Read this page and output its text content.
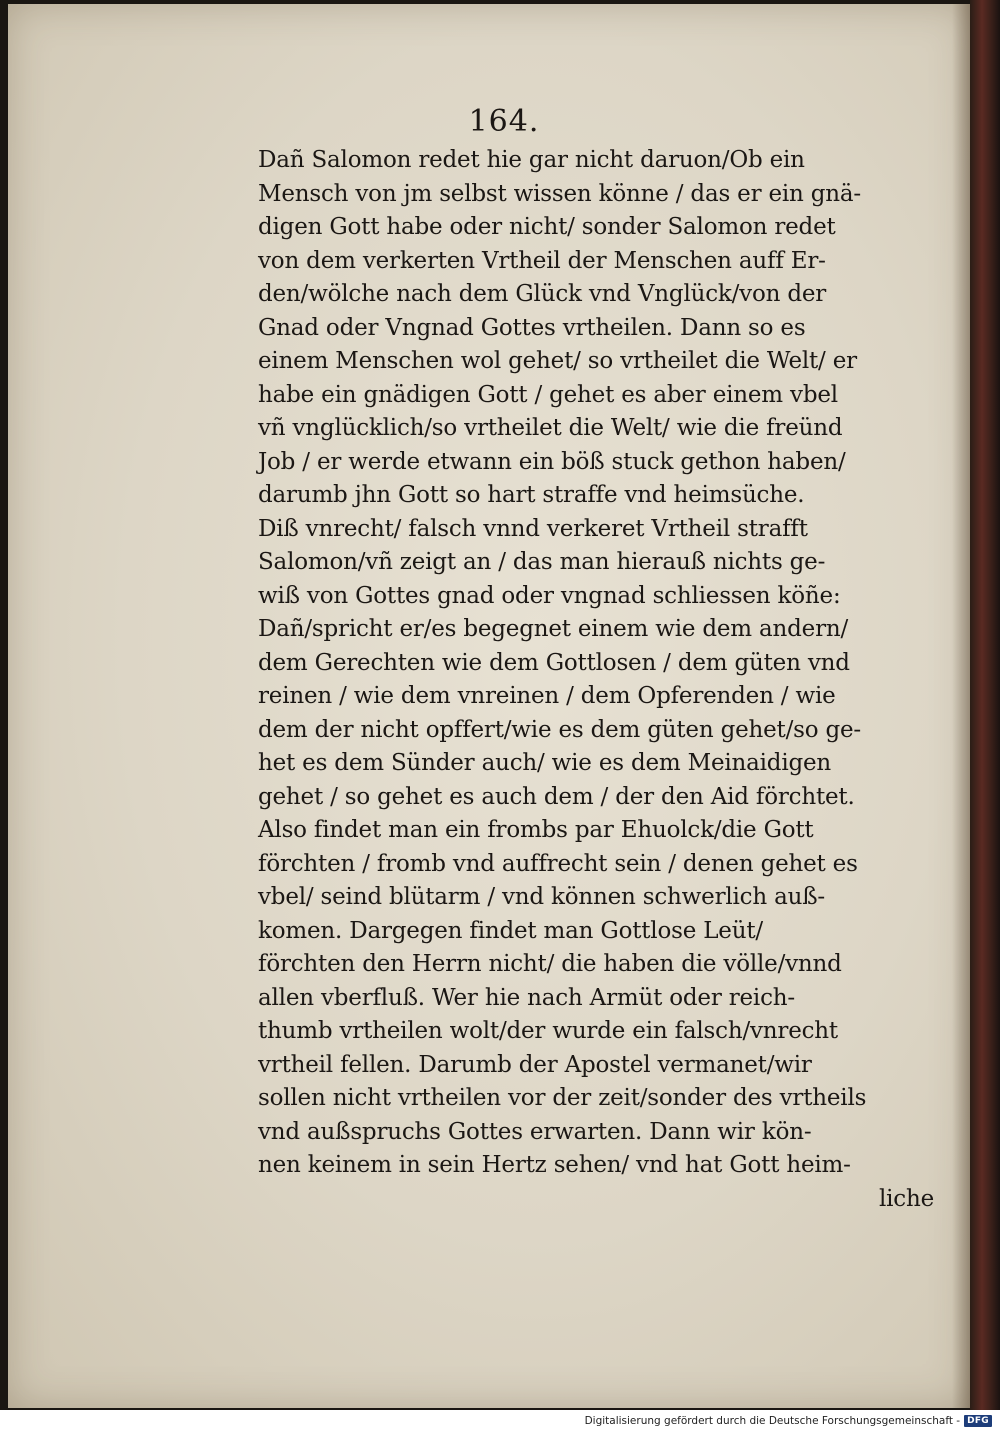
164.
Dañ Salomon redet hie gar nicht daruon/Ob ein
Mensch von jm selbst wissen könne / das er ein gnä-
digen Gott habe oder nicht/ sonder Salomon redet
von dem verkerten Vrtheil der Menschen auff Er-
den/wölche nach dem Glück vnd Vnglück/von der
Gnad oder Vngnad Gottes vrtheilen. Dann so es
einem Menschen wol gehet/ so vrtheilet die Welt/ er
habe ein gnädigen Gott / gehet es aber einem vbel
vñ vnglücklich/so vrtheilet die Welt/ wie die freünd
Job / er werde etwann ein böß stuck gethon haben/
darumb jhn Gott so hart straffe vnd heimsüche.
Diß vnrecht/ falsch vnnd verkeret Vrtheil strafft
Salomon/vñ zeigt an / das man hierauß nichts ge-
wiß von Gottes gnad oder vngnad schliessen köñe:
Dañ/spricht er/es begegnet einem wie dem andern/
dem Gerechten wie dem Gottlosen / dem güten vnd
reinen / wie dem vnreinen / dem Opferenden / wie
dem der nicht opffert/wie es dem güten gehet/so ge-
het es dem Sünder auch/ wie es dem Meinaidigen
gehet / so gehet es auch dem / der den Aid förchtet.
Also findet man ein frombs par Ehuolck/die Gott
förchten / fromb vnd auffrecht sein / denen gehet es
vbel/ seind blütarm / vnd können schwerlich auß-
komen. Dargegen findet man Gottlose Leüt/
förchten den Herrn nicht/ die haben die völle/vnnd
allen vberfluß. Wer hie nach Armüt oder reich-
thumb vrtheilen wolt/der wurde ein falsch/vnrecht
vrtheil fellen. Darumb der Apostel vermanet/wir
sollen nicht vrtheilen vor der zeit/sonder des vrtheils
vnd außspruchs Gottes erwarten. Dann wir kön-
nen keinem in sein Hertz sehen/ vnd hat Gott heim-
liche
Digitalisierung gefördert durch die Deutsche Forschungsgemeinschaft - DFG
